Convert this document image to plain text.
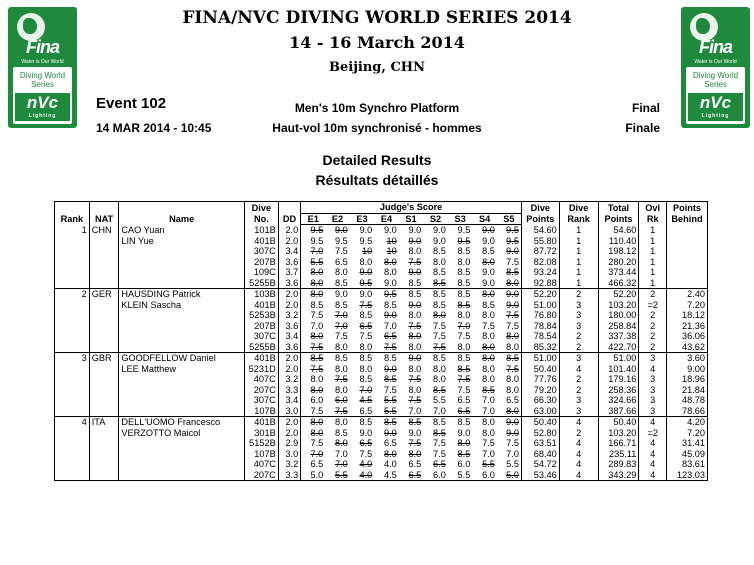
Fina
Water is Our World
Diving World Series
nVc
Lighting
Fina
Water is Our World
Diving World Series
nVc
Lighting
FINA/NVC DIVING WORLD SERIES 2014
14 - 16 March 2014
Beijing, CHN
Event 102
14 MAR 2014 - 10:45
Men's 10m Synchro Platform
Haut-vol 10m synchronisé - hommes
Final
Finale
Detailed Results
Résultats détaillés
Rank	NAT	Name	Dive No.	DD	Judge's Score									Dive Points	Dive Rank	Total Points	Ovl Rk	Points Behind
					E1	E2	E3	E4	S1	S2	S3	S4	S5					
1	CHN	CAO Yuan	101B	2.0	9.5	9.0	9.0	9.0	9.0	9.0	9.5	9.0	9.5	54.60	1	54.60	1	
		LIN Yue	401B	2.0	9.5	9.5	9.5	10	9.0	9.0	9.5	9.0	9.5	55.80	1	110.40	1	
			307C	3.4	7.0	7.5	10	10	8.0	8.5	8.5	8.5	9.0	87.72	1	198.12	1	
			207B	3.6	5.5	6.5	8.0	8.0	7.5	8.0	8.0	8.0	7.5	82.08	1	280.20	1	
			109C	3.7	8.0	8.0	9.0	8.0	9.0	8.5	8.5	9.0	8.5	93.24	1	373.44	1	
			5255B	3.6	8.0	8.5	9.5	9.0	8.5	8.5	8.5	9.0	8.0	92.88	1	466.32	1	
2	GER	HAUSDING Patrick	103B	2.0	8.0	9.0	9.0	9.5	8.5	8.5	8.5	8.0	9.0	52.20	2	52.20	2	2.40
		KLEIN Sascha	401B	2.0	8.5	8.5	7.5	8.5	9.0	8.5	8.5	8.5	9.0	51.00	3	103.20	=2	7.20
			5253B	3.2	7.5	7.0	8.5	9.0	8.0	8.0	8.0	8.0	7.5	76.80	3	180.00	2	18.12
			207B	3.6	7.0	7.0	6.5	7.0	7.5	7.5	7.0	7.5	7.5	78.84	3	258.84	2	21.36
			307C	3.4	8.0	7.5	7.5	6.5	8.0	7.5	7.5	8.0	8.0	78.54	2	337.38	2	36.06
			5255B	3.6	7.5	8.0	8.0	7.5	8.0	7.5	8.0	8.0	8.0	85.32	2	422.70	2	43.62
3	GBR	GOODFELLOW Daniel	401B	2.0	8.5	8.5	8.5	8.5	9.0	8.5	8.5	8.0	8.5	51.00	3	51.00	3	3.60
		LEE Matthew	5231D	2.0	7.5	8.0	8.0	9.0	8.0	8.0	8.5	8.0	7.5	50.40	4	101.40	4	9.00
			407C	3.2	8.0	7.5	8.5	8.5	7.5	8.0	7.5	8.0	8.0	77.76	2	179.16	3	18.96
			207C	3.3	8.0	8.0	7.0	7.5	8.0	8.5	7.5	8.5	8.0	79.20	2	258.36	3	21.84
			307C	3.4	6.0	6.0	4.5	5.5	7.5	5.5	6.5	7.0	6.5	66.30	3	324.66	3	48.78
			107B	3.0	7.5	7.5	6.5	5.5	7.0	7.0	6.5	7.0	8.0	63.00	3	387.66	3	78.66
4	ITA	DELL'UOMO Francesco	401B	2.0	8.0	8.0	8.5	8.5	8.5	8.5	8.5	8.0	9.0	50.40	4	50.40	4	4.20
		VERZOTTO Maicol	301B	2.0	8.0	8.5	9.0	9.0	9.0	8.5	9.0	8.0	9.0	52.80	2	103.20	=2	7.20
			5152B	2.9	7.5	8.0	6.5	6.5	7.5	7.5	8.0	7.5	7.5	63.51	4	166.71	4	31.41
			107B	3.0	7.0	7.0	7.5	8.0	8.0	7.5	8.5	7.0	7.0	68.40	4	235.11	4	45.09
			407C	3.2	6.5	7.0	4.0	4.0	6.5	6.5	6.0	5.5	5.5	54.72	4	289.83	4	83.61
			207C	3.3	5.0	5.5	4.0	4.5	6.5	6.0	5.5	6.0	5.0	53.46	4	343.29	4	123.03
